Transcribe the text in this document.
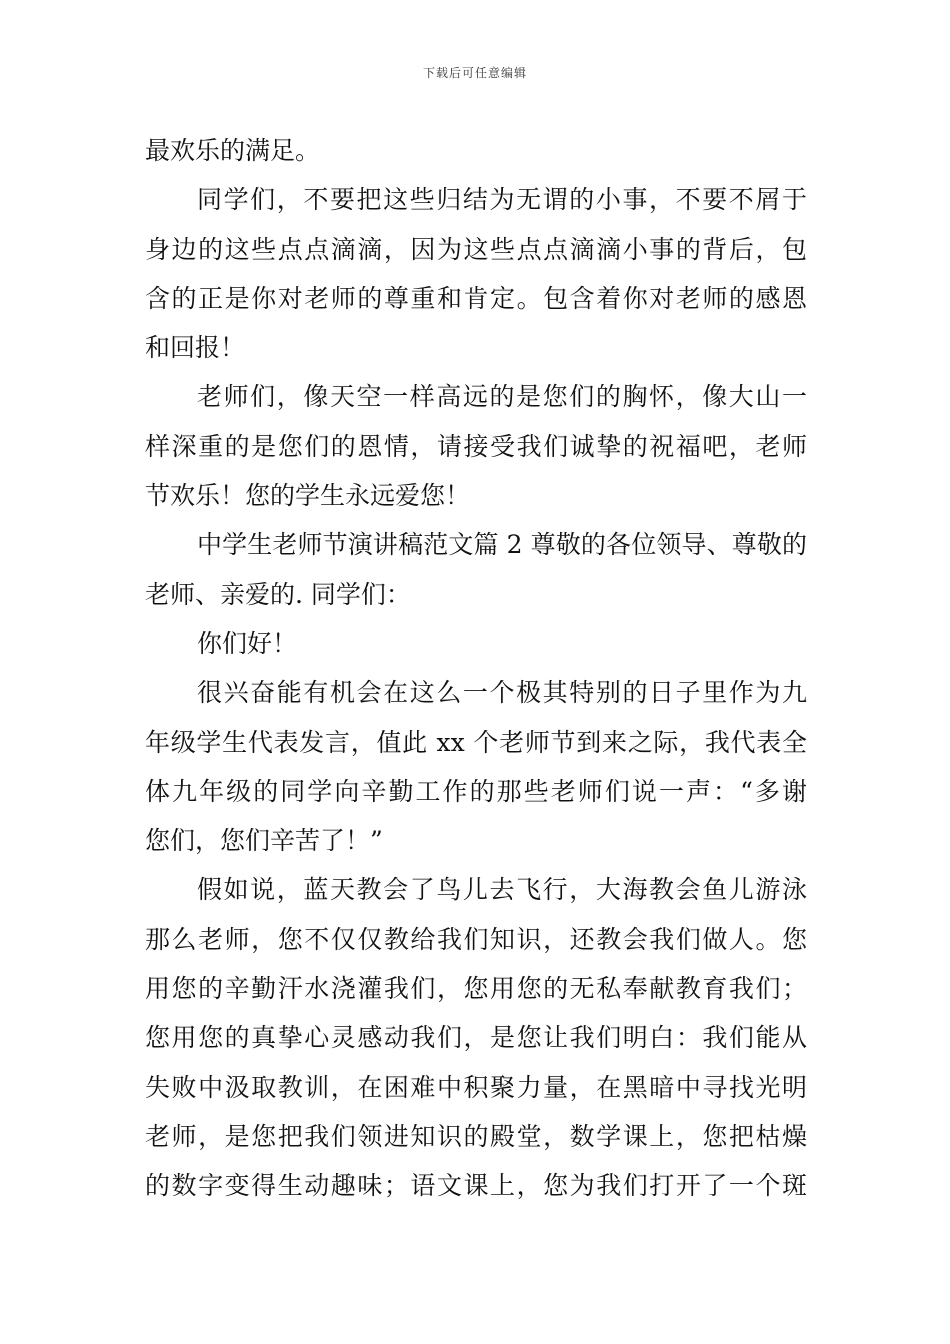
下载后可任意编辑
最欢乐的满足。
同学们，不要把这些归结为无谓的小事，不要不屑于
身边的这些点点滴滴，因为这些点点滴滴小事的背后，包
含的正是你对老师的尊重和肯定。包含着你对老师的感恩
和回报！
老师们，像天空一样高远的是您们的胸怀，像大山一
样深重的是您们的恩情，请接受我们诚挚的祝福吧，老师
节欢乐！您的学生永远爱您！
中学生老师节演讲稿范文篇 2 尊敬的各位领导、尊敬的
老师、亲爱的. 同学们：
你们好！
很兴奋能有机会在这么一个极其特别的日子里作为九
年级学生代表发言，值此 xx 个老师节到来之际，我代表全
体九年级的同学向辛勤工作的那些老师们说一声：“多谢
您们，您们辛苦了！”
假如说，蓝天教会了鸟儿去飞行，大海教会鱼儿游泳
那么老师，您不仅仅教给我们知识，还教会我们做人。您
用您的辛勤汗水浇灌我们，您用您的无私奉献教育我们；
您用您的真挚心灵感动我们，是您让我们明白：我们能从
失败中汲取教训，在困难中积聚力量，在黑暗中寻找光明
老师，是您把我们领进知识的殿堂，数学课上，您把枯燥
的数字变得生动趣味；语文课上，您为我们打开了一个斑
